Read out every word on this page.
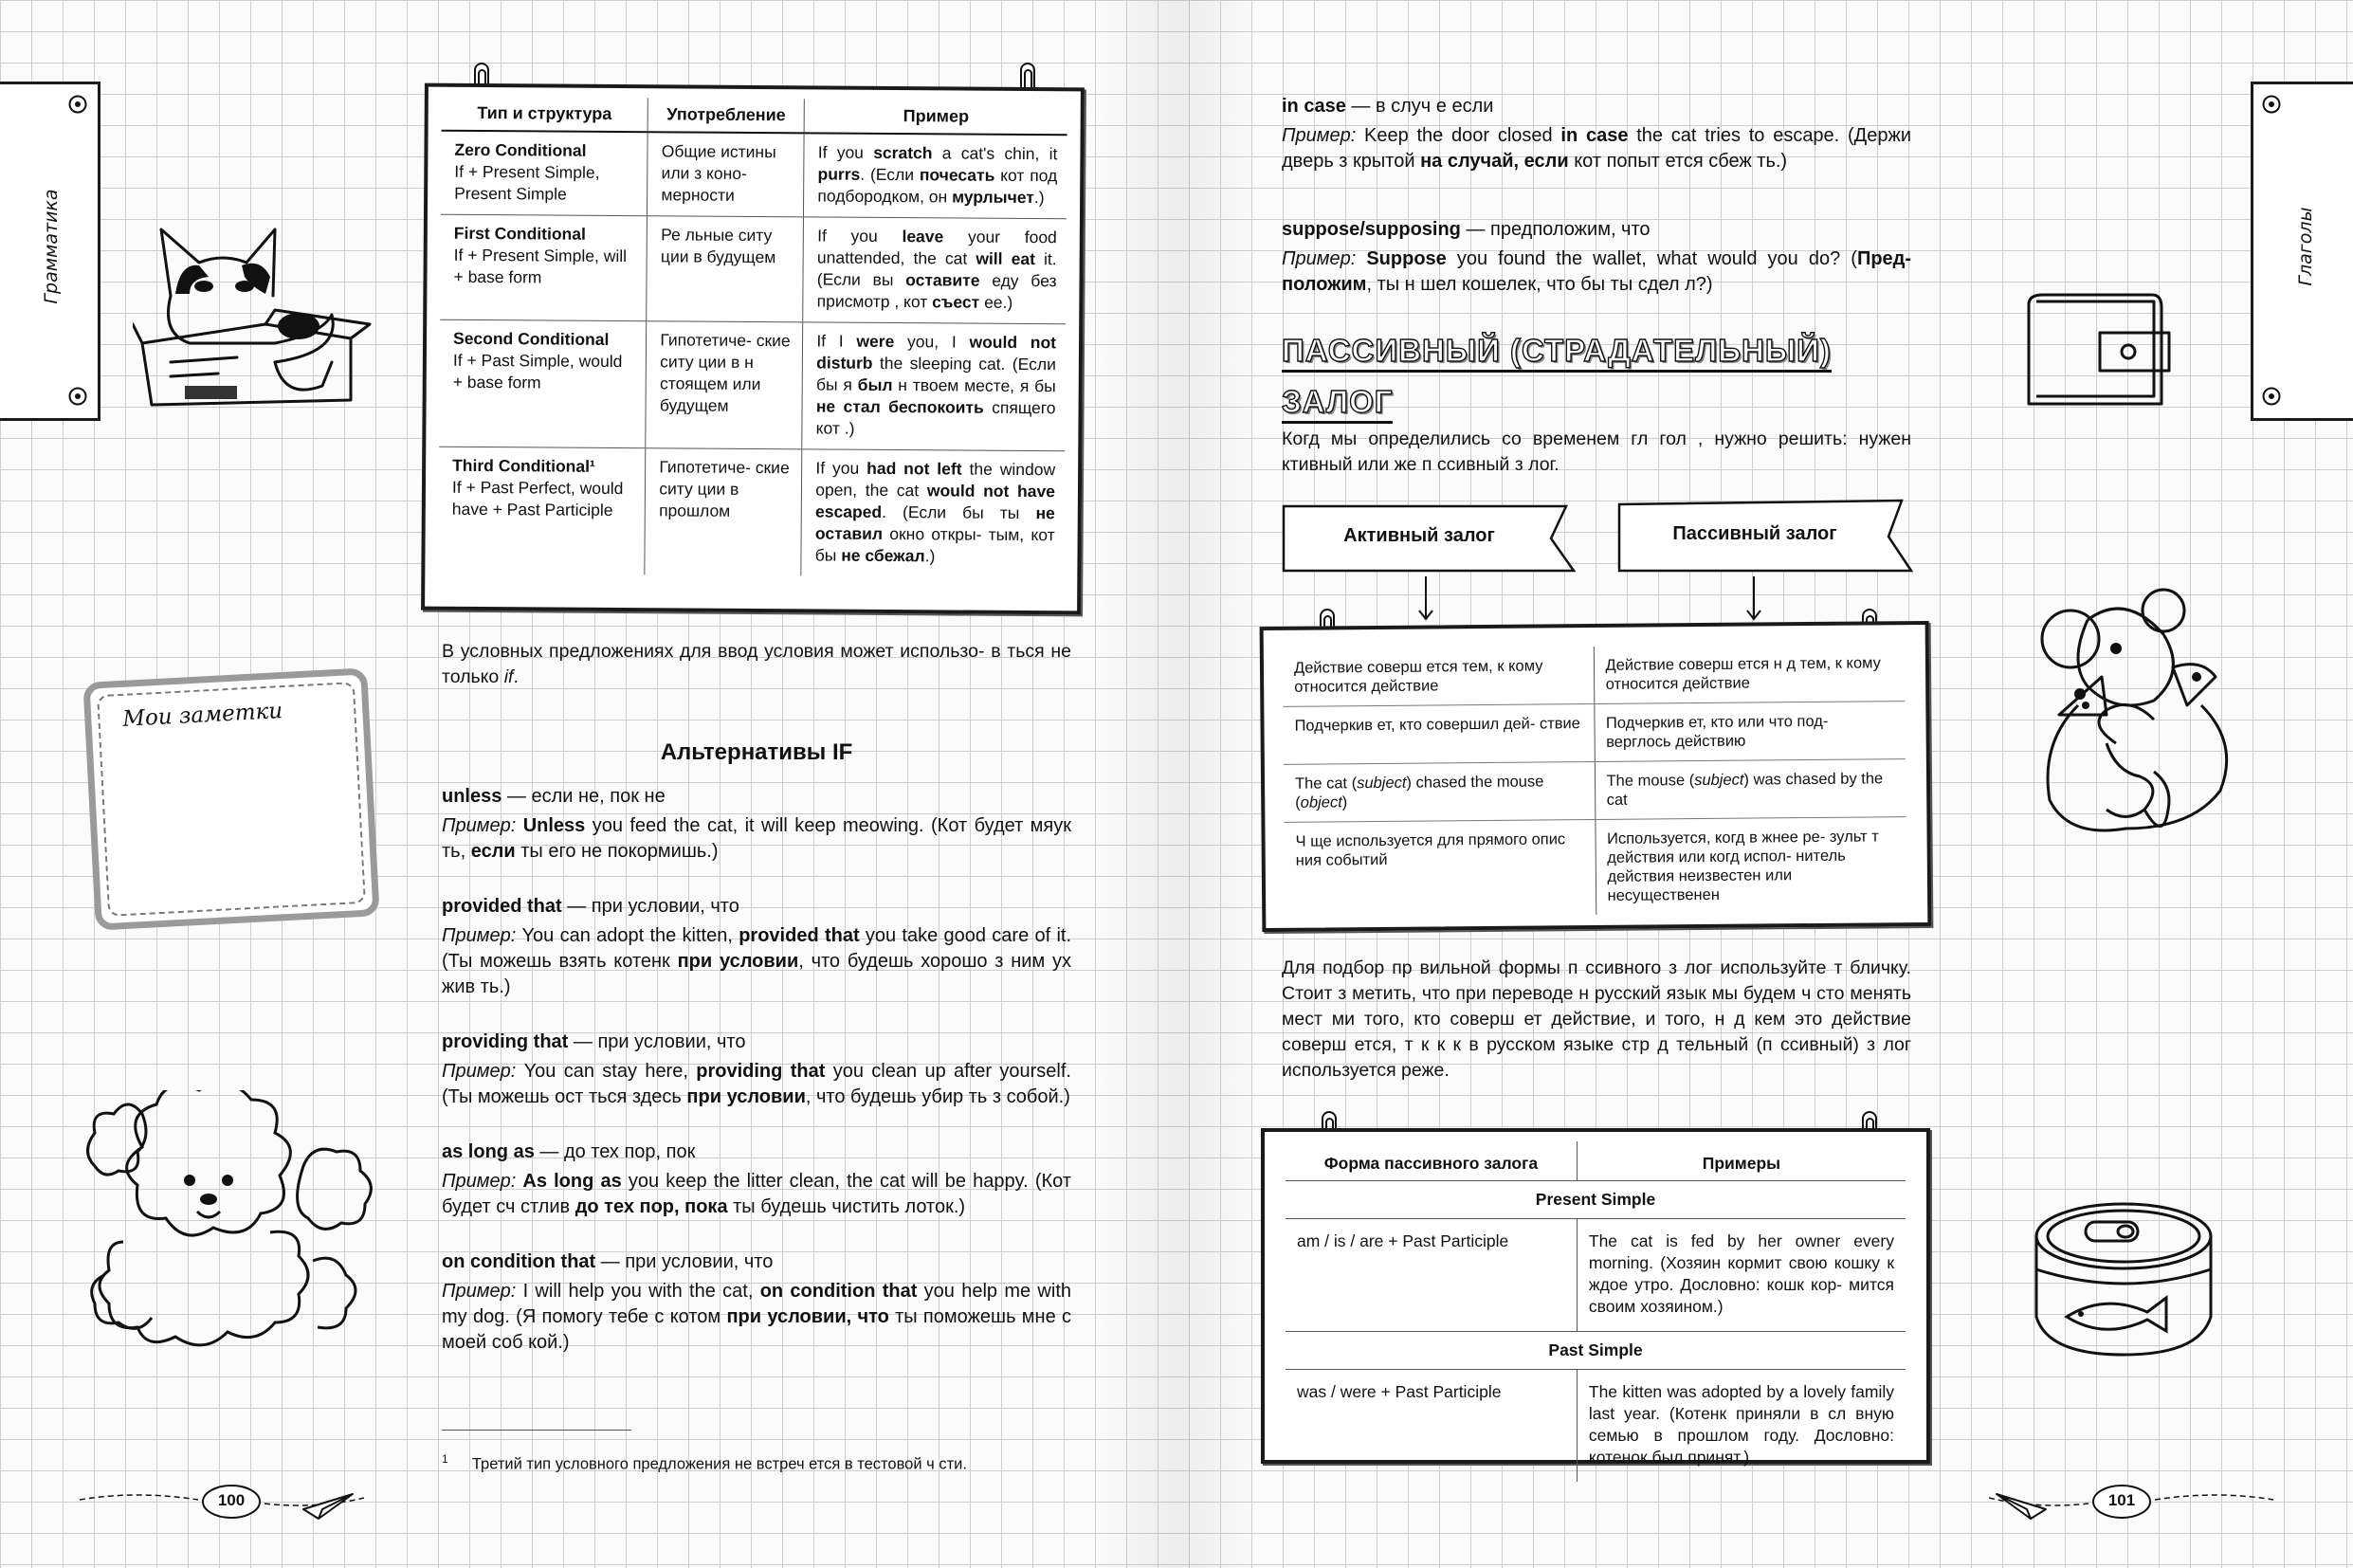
Грамматика
Мои заметки
Тип и структура	Употребление	Пример
Zero Conditional
If + Present Simple, Present Simple	Общие истины или з коно- мерности	If you scratch a cat's chin, it purrs. (Если почесать кот под подбородком, он мурлычет.)
First Conditional
If + Present Simple, will + base form	Ре льные ситу ции в будущем	If you leave your food unattended, the cat will eat it. (Если вы оставите еду без присмотр , кот съест ее.)
Second Conditional
If + Past Simple, would + base form	Гипотетиче- ские ситу ции в н стоящем или будущем	If I were you, I would not disturb the sleeping cat. (Если бы я был н твоем месте, я бы не стал беспокоить спящего кот .)
Third Conditional¹
If + Past Perfect, would have + Past Participle	Гипотетиче- ские ситу ции в прошлом	If you had not left the window open, the cat would not have escaped. (Если бы ты не оставил окно откры- тым, кот бы не сбежал.)
В условных предложениях для ввод условия может использо- в ться не только if.
Альтернативы IF
unless — если не, пок не
Пример: Unless you feed the cat, it will keep meowing. (Кот будет мяук ть, если ты его не покормишь.)
provided that — при условии, что
Пример: You can adopt the kitten, provided that you take good care of it. (Ты можешь взять котенк при условии, что будешь хорошо з ним ух жив ть.)
providing that — при условии, что
Пример: You can stay here, providing that you clean up after yourself. (Ты можешь ост ться здесь при условии, что будешь убир ть з собой.)
as long as — до тех пор, пок
Пример: As long as you keep the litter clean, the cat will be happy. (Кот будет сч стлив до тех пор, пока ты будешь чистить лоток.)
on condition that — при условии, что
Пример: I will help you with the cat, on condition that you help me with my dog. (Я помогу тебе с котом при условии, что ты поможешь мне с моей соб кой.)
$^1$ Третий тип условного предложения не встреч ется в тестовой ч сти.
100
Глаголы
in case — в случ е если
Пример: Keep the door closed in case the cat tries to escape. (Держи дверь з крытой на случай, если кот попыт ется сбеж ть.)
suppose/supposing — предположим, что
Пример: Suppose you found the wallet, what would you do? (Пред- положим, ты н шел кошелек, что бы ты сдел л?)
ПАССИВНЫЙ (СТРАДАТЕЛЬНЫЙ)
ЗАЛОГ
Когд мы определились со временем гл гол , нужно решить: нужен ктивный или же п ссивный з лог.
Активный залог	Пассивный залог
Действие соверш ется тем, к кому относится действие	Действие соверш ется н д тем, к кому относится действие
Подчеркив ет, кто совершил дей- ствие	Подчеркив ет, кто или что под- верглось действию
The cat (subject) chased the mouse (object)	The mouse (subject) was chased by the cat
Ч ще используется для прямого опис ния событий	Используется, когд в жнее ре- зульт т действия или когд испол- нитель действия неизвестен или несущественен
Для подбор пр вильной формы п ссивного з лог используйте т бличку. Стоит з метить, что при переводе н русский язык мы будем ч сто менять мест ми того, кто соверш ет действие, и того, н д кем это действие соверш ется, т к к к в русском языке стр д тельный (п ссивный) з лог используется реже.
Форма пассивного залога	Примеры
Present Simple	
am / is / are + Past Participle	The cat is fed by her owner every morning. (Хозяин кормит свою кошку к ждое утро. Дословно: кошк кор- мится своим хозяином.)
Past Simple	
was / were + Past Participle	The kitten was adopted by a lovely family last year. (Котенк приняли в сл вную семью в прошлом году. Дословно: котенок был принят.)
101
